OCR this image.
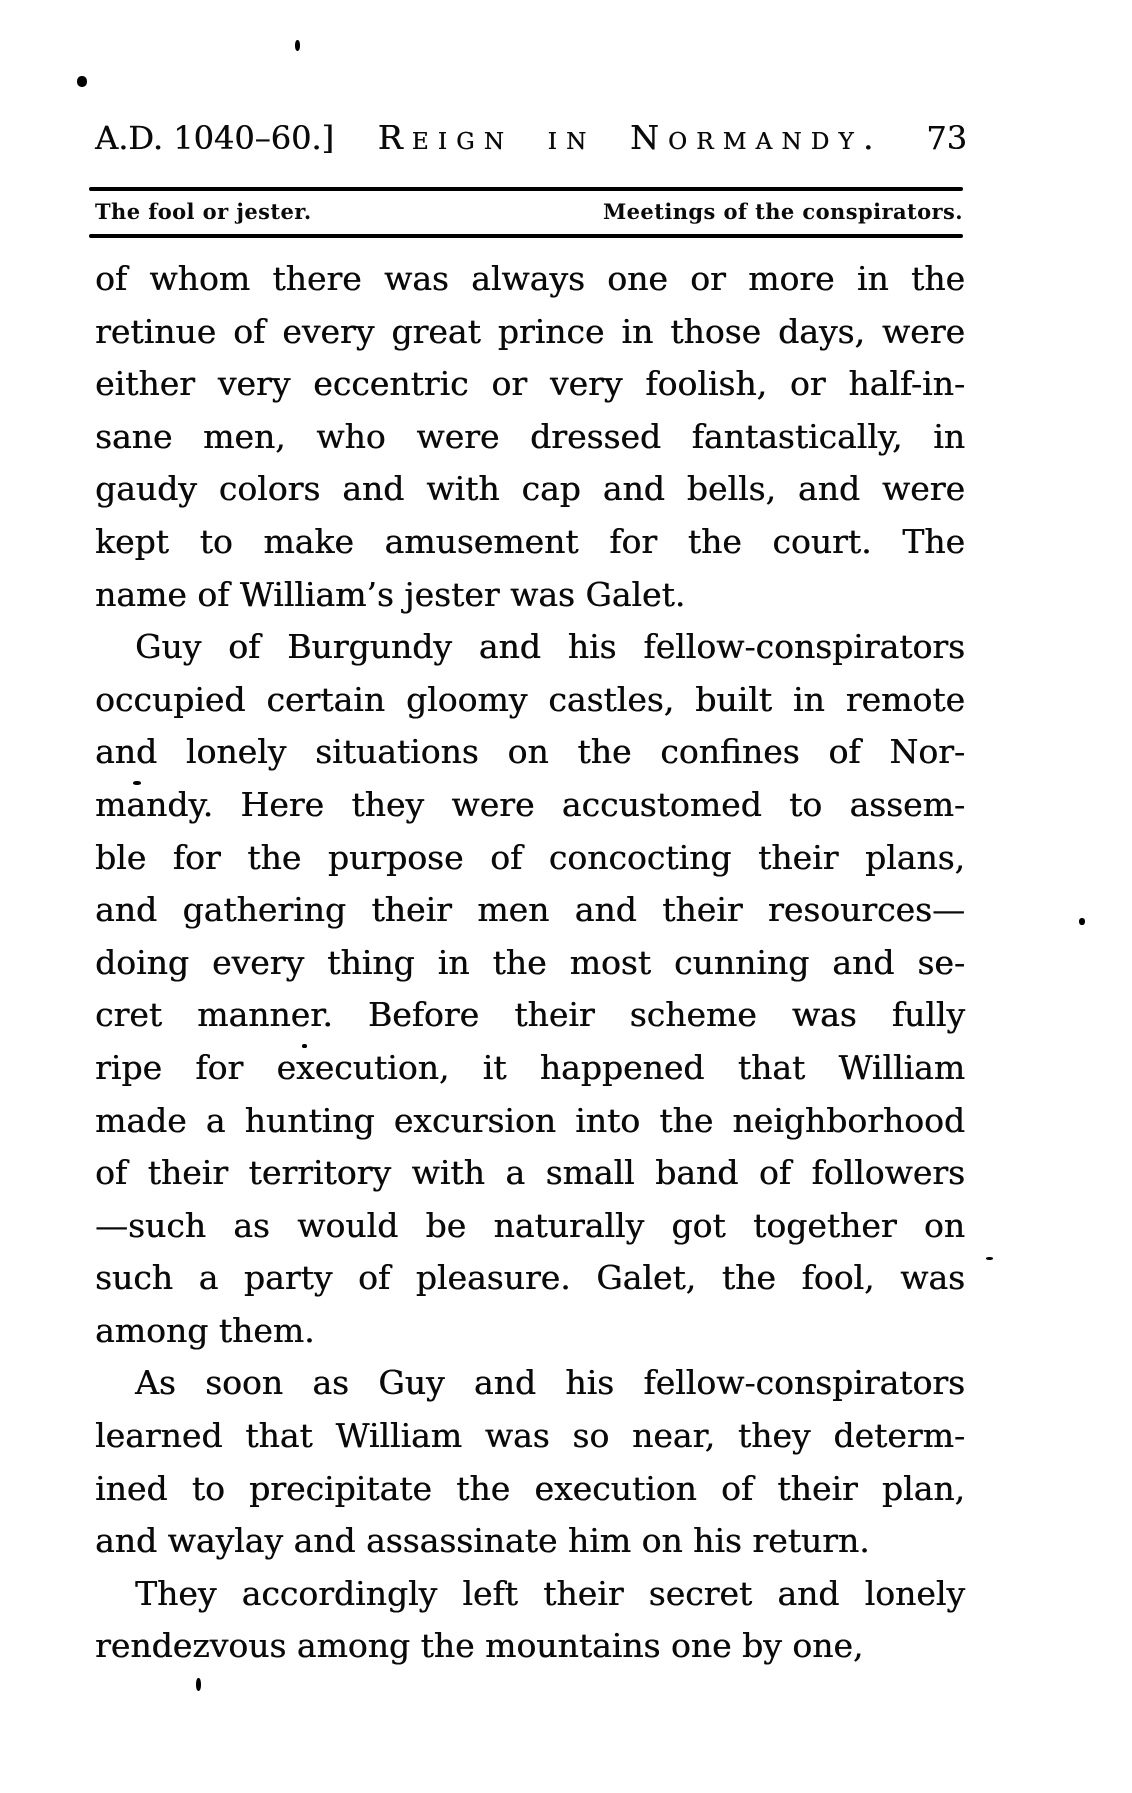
A.D. 1040–60.]	Reign in Normandy.	73
The fool or jester.	Meetings of the conspirators.
of whom there was always one or more in the
retinue of every great prince in those days, were
either very eccentric or very foolish, or half-in-
sane men, who were dressed fantastically, in
gaudy colors and with cap and bells, and were
kept to make amusement for the court. The
name of William’s jester was Galet.
Guy of Burgundy and his fellow-conspirators
occupied certain gloomy castles, built in remote
and lonely situations on the confines of Nor-
mandy. Here they were accustomed to assem-
ble for the purpose of concocting their plans,
and gathering their men and their resources—
doing every thing in the most cunning and se-
cret manner. Before their scheme was fully
ripe for execution, it happened that William
made a hunting excursion into the neighborhood
of their territory with a small band of followers
—such as would be naturally got together on
such a party of pleasure. Galet, the fool, was
among them.
As soon as Guy and his fellow-conspirators
learned that William was so near, they determ-
ined to precipitate the execution of their plan,
and waylay and assassinate him on his return.
They accordingly left their secret and lonely
rendezvous among the mountains one by one,
